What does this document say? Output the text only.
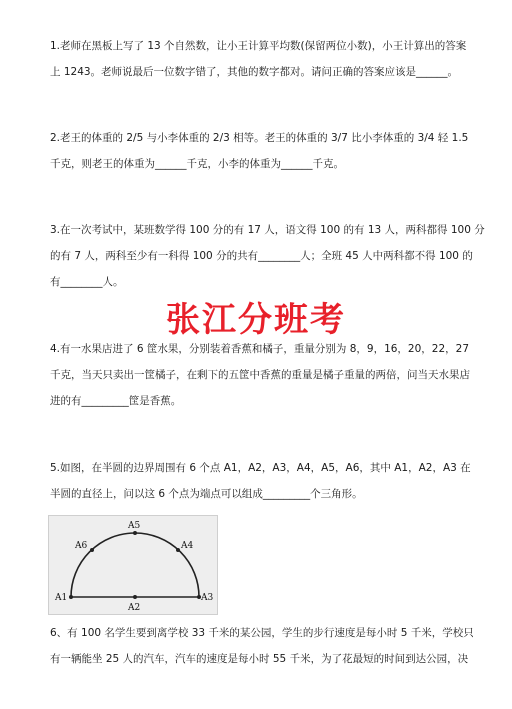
1.老师在黑板上写了 13 个自然数，让小王计算平均数(保留两位小数)，小王计算出的答案

上 1243。老师说最后一位数字错了，其他的数字都对。请问正确的答案应该是______。

2.老王的体重的 2/5 与小李体重的 2/3 相等。老王的体重的 3/7 比小李体重的 3/4 轻 1.5

千克，则老王的体重为______千克，小李的体重为______千克。

3.在一次考试中，某班数学得 100 分的有 17 人，语文得 100 的有 13 人，两科都得 100 分

的有 7 人，两科至少有一科得 100 分的共有________人；全班 45 人中两科都不得 100 的

有________人。

张江分班考

4.有一水果店进了 6 筐水果，分别装着香蕉和橘子，重量分别为 8，9，16，20，22，27

千克，当天只卖出一筐橘子，在剩下的五筐中香蕉的重量是橘子重量的两倍，问当天水果店

进的有_________筐是香蕉。

5.如图，在半圆的边界周围有 6 个点 A1，A2，A3，A4，A5，A6，其中 A1，A2，A3 在

半圆的直径上，问以这 6 个点为端点可以组成_________个三角形。

A1
A2
A3
A4
A5
A6

6、有 100 名学生要到离学校 33 千米的某公园，学生的步行速度是每小时 5 千米，学校只

有一辆能坐 25 人的汽车，汽车的速度是每小时 55 千米，为了花最短的时间到达公园，决
